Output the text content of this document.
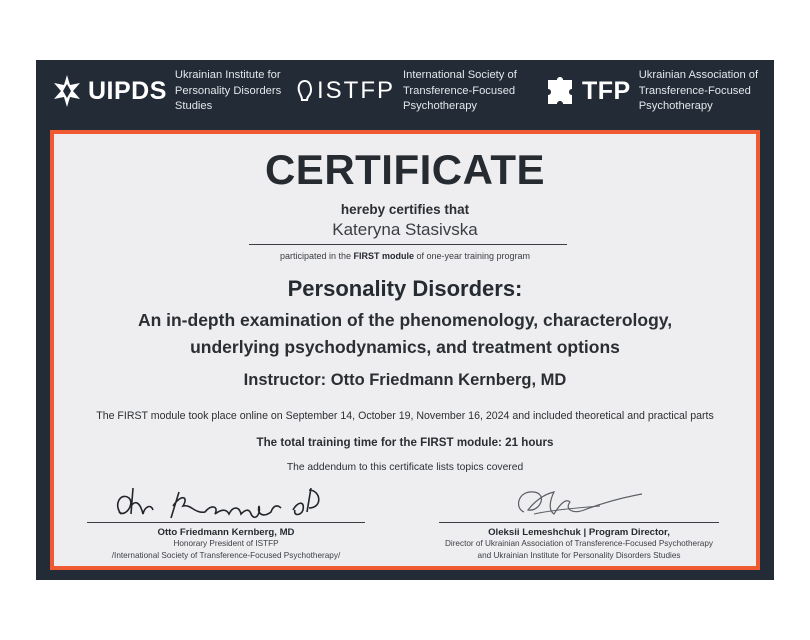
UIPDS
Ukrainian Institute for
Personality Disorders
Studies
ISTFP
International Society of
Transference-Focused
Psychotherapy
TFP
Ukrainian Association of
Transference-Focused
Psychotherapy
CERTIFICATE
hereby certifies that
Kateryna Stasivska
participated in the FIRST module of one-year training program
Personality Disorders:
An in-depth examination of the phenomenology, characterology,
underlying psychodynamics, and treatment options
Instructor: Otto Friedmann Kernberg, MD
The FIRST module took place online on September 14, October 19, November 16, 2024 and included theoretical and practical parts
The total training time for the FIRST module: 21 hours
The addendum to this certificate lists topics covered
Otto Friedmann Kernberg, MD
Honorary President of ISTFP
/International Society of Transference-Focused Psychotherapy/
Oleksii Lemeshchuk | Program Director,
Director of Ukrainian Association of Transference-Focused Psychotherapy
and Ukrainian Institute for Personality Disorders Studies
